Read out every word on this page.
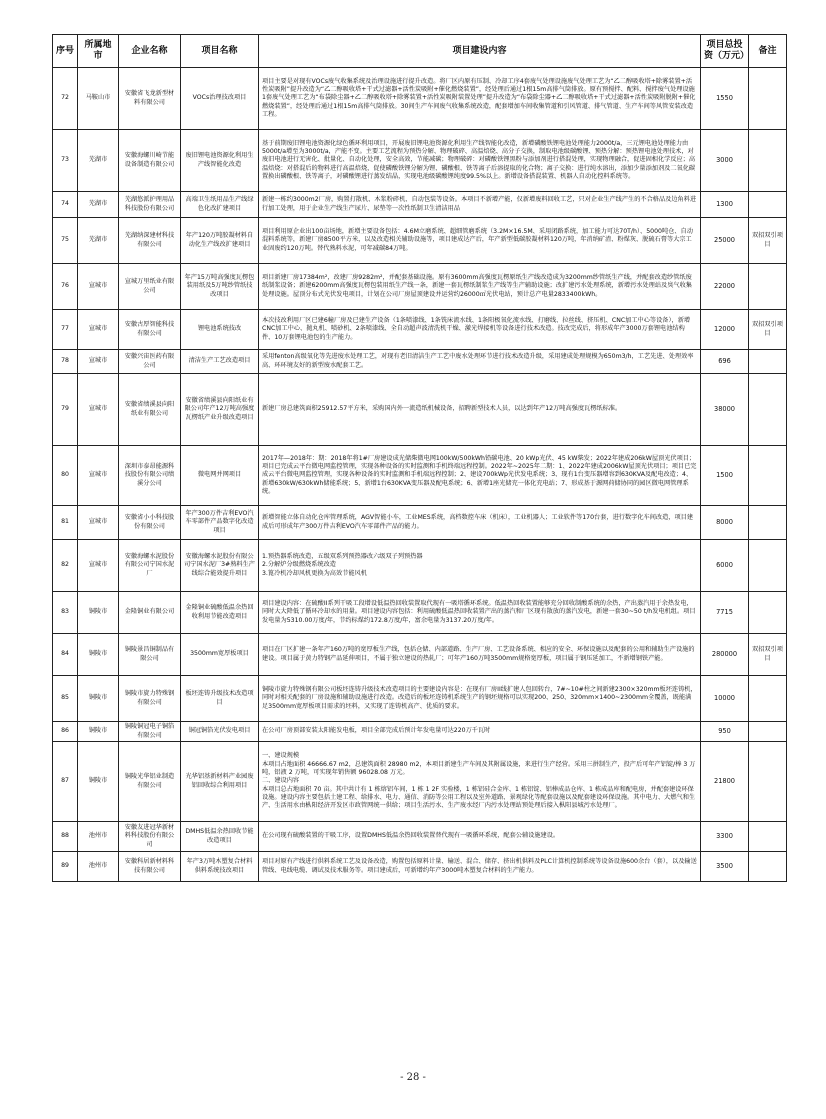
序号	所属地市	企业名称	项目名称	项目建设内容	项目总投资（万元）	备注
72	马鞍山市	安徽省飞龙新型材料有限公司	VOCs治理技改项目	项目主要是对现有VOCs废气收集系统及治理设施进行提升改造。将厂区内原有压制、冷却工序4套废气处理设施废气处理工艺为“乙二醇吸收塔+除雾装置+活性炭吸附”提升改造为“乙二醇吸收塔+干式过滤器+活性炭吸附+催化燃烧装置”，经处理后通过1根15m高排气筒排放。原有预搅拌、配料、搅拌废气处理设施1套废气处理工艺为“布袋除尘器+乙二醇吸收塔+除雾装置+活性炭吸附装置处理”提升改造为“布袋除尘器+乙二醇吸收塔+干式过滤器+活性炭吸附脱附+催化燃烧装置”，经处理后通过1根15m高排气筒排放。30间生产车间废气收集系统改造，配套增加车间收集管道和引风管道、排气管道、生产车间等风管安装改造工程。	1550	
73	芜湖市	安徽海螺川崎节能设备制造有限公司	废旧锂电池资源化利用生产线智能化改造	基于前期废旧锂电池资源化绿色循环利用项目，开展废旧锂电池资源化利用生产线智能化改造，新增磷酸铁锂电池处理能力2000t/a，三元锂电池处理能力由5000t/a增至为3000t/a，产能不变。主要工艺流程为预热分解、物理破碎、高温焙烧、高分子交换，制取电池级碳酸锂、预热分解：预热锂电池处理技术，对废旧电池进行无害化、批量化、自动化处理，安全高效，节能减碳；物理破碎：对磷酸铁锂黑粉与添加剂进行搭混处理，实现物理融合，促进固相化学反应；高温焙烧：对搭混后的物料进行高温焙烧，促使磷酸铁锂分解为锂、磷酸根、铁等离子后溶提取的化合物；离子交换：进行纯水溶出，添加少量添加剂及二氧化碳置换出磷酸根、铁等离子，对磷酸锂进行蒸发结晶，实现电池级碳酸锂纯度99.5%以上。新增设备搭混装置、机器人自动化控料系统等。	3000	
74	芜湖市	芜湖悠派护理用品科技股份有限公司	高端卫生纸用品生产线绿色化改扩建项目	新建一栋约3000m2厂房，购置打散机、木浆粉碎机、自动包装等设备。本项目不新增产能，仅新增废料回收工艺，只对企业生产线产生的不合格品及边角料进行加工处理，用于企业生产线生产尿片、尿垫等一次性纸制卫生清洁用品	1300	
75	芜湖市	芜湖纳深建材科技有限公司	年产120万吨胶凝材料自动化生产线改扩建项目	项目利用原企业出100亩场地，新增主要设备包括：4.6M立磨系统、超细管磨系统（3.2M×16.5M、采用闭路系统，加工能力可达70T/h）、5000吨仓、自动混料系统等，新建厂房8500平方米，以及改造相关辅助设施等，项目建成达产后，年产新型低碳胶凝材料120万吨，年消纳矿渣、粉煤灰、脱硫石膏等大宗工业固废约120万吨。替代熟料水泥，可年减碳84万吨。	25000	双招双引项目
76	宣城市	宣城万里纸业有限公司	年产15万吨高强度瓦楞包装用纸及5万吨纱管纸技改项目	项目新建厂房17384m²，改建厂房9282m²，并配套基础设施。原有3600mm高强度瓦楞原纸生产线改造成为3200mm纱管纸生产线，并配套改造纱管纸废纸制浆设备；新建6200mm高强度瓦楞包装用纸生产线一条，新建一套瓦楞纸制浆生产线等生产辅助设施；改扩建污水处理系统，新增污水处理站及臭气收集处理设施。屋顶分布式光伏发电项目，计划在公司厂房屋顶建设并运营约26000㎡光伏电站，预计总产电量2833400kWh。	22000	
77	宣城市	安徽古厚智能科技有限公司	锂电池系统技改	本次技改利用厂区已建6幢厂房及已建生产设备（1条喷漆线、1条铣床流水线、1条阳极氧化流水线、打磨线、拉丝线、挤压机、CNC加工中心等设备），新增CNC加工中心、抛丸机、喷砂机、2条喷漆线、全自动超声波清洗机干燥、激光焊接机等设备进行技术改造。技改完成后，将形成年产3000万套锂电池结构件、10万套锂电池包的生产能力。	12000	双招双引项目
78	宣城市	安徽兴宙医药有限公司	清洁生产工艺改造项目	采用fenton高级氧化等先进废水处理工艺，对现有老旧清洁生产工艺中废水处理环节进行技术改造升级，采用建成处理规模为650m3/h，工艺先进、处理效率高、环环境友好的新型废水配套工艺。	696	
79	宣城市	安徽省绩溪县向阳纸业有限公司	安徽省绩溪县向阳纸业有限公司年产12万吨高强度瓦楞纸产业升级改造项目	新建厂房总建筑面积25912.57平方米，采购国内外一流造纸机械设备，招聘新型技术人员，以达到年产12万吨高强度瓦楞纸标准。	38000	
80	宣城市	深圳市泰昂能源科技股份有限公司绩溪分公司	微电网并网项目	2017年—2018年：期：2018年将1#厂房建设成光储柴微电网100kW/500kWh铅碳电池、20 kWp光伏、45 kW柴发；2022年建成206kW屋顶光伏项目；项目已完成云平台微电网监控管理，实现各种设备的实时监测和手机终端远程控制。2022年~2025年二期：1、2022年建成2006kW屋顶光伏项目；项目已完成云平台微电网监控管理，实现各种设备的实时监测和手机端远程控制；2、建设700kWp光伏发电系统；3、现有1台变压器增容到630KVA及配电改造；4、新增630kW/630kWh储能系统；5、新增1台630KVA变压器及配电系统；6、新增1座光储充一体化充电站；7、形成基于源网荷储协同的园区微电网管理系统。	1500	
81	宣城市	安徽省小小科技股份有限公司	年产300万件吉利EVO汽车零部件产品数字化改造项目	新增智能立体自动化仓库管理系统，AGV智能小车，工业MES系统，高档数控车床（机床），工业机器人；工业软件等170台套，进行数字化车间改造，项目建成后可形成年产300万件吉利EVO汽车零部件产品的能力。	8000	
82	宣城市	安徽海螺水泥股份有限公司宁国水泥厂	安徽海螺水泥股份有限公司宁国水泥厂3#熟料生产线综合能效提升项目	1.预热器系统改造，五级双系列预热器改六级双子列预热器
2.分解炉分级燃烧系统改造
3.篦冷机冷却风机更换为高效节能风机	6000	
83	铜陵市	金隆铜业有限公司	金隆铜业硫酸低温余热回收利用节能改造项目	项目建设内容：在硫酸II系列干吸工段增设低温热回收装置取代现有一吸塔循环系统。低温热回收装置能够充分回收制酸系统的余热，产出蒸汽用于余热发电，同时大大降低了循环冷却水的用量。项目建设内容包括：利用硫酸低温热回收装置产出的蒸汽和厂区现有散放的蒸汽发电，新建一套30~50 t/h发电机组。项目发电量为5310.00万度/年，节约标煤约172.8万度/年，富余电量为3137.20万度/年。	7715	
84	铜陵市	铜陵景昌铜制品有限公司	3500mm宽厚板项目	项目在厂区扩建一条年产160万吨的宽厚板生产线，包括仓储、内部道路、生产厂房、工艺设备系统、相应的安全、环保设施以及配套的公用和辅助生产设施的建设。项目属于黄力特钢产品延伸项目，不属于独立建设的热轧厂；可年产160万吨3500mm规格宽厚板，项目属于钢压延加工，不新增钢铁产能。	280000	双招双引项目
85	铜陵市	铜陵市旋力特殊钢有限公司	板坯连铸升级技术改造项目	铜陵市旋力特殊钢有限公司板坯连铸升级技术改造项目的主要建设内容是：在现有厂房II线扩建人包回转台，7#~10#柱之间新建2300×320mm板坯连铸机，同时对相关配套的厂房设施和辅助设施进行改造。改造后的板坯连铸机系统生产的钢坯规格可以实现200、250、320mm×1400~2300mm全覆盖，既能满足3500mm宽厚板项目需求的坯料，又实现了连铸机高产、优质的要求。	10000	
86	铜陵市	铜陵铜冠电子铜箔有限公司	铜冠铜箔光伏发电项目	在公司厂房顶部安装太阳能发电板，项目全部完成后预计年发电量可达220万千瓦时	950	
87	铜陵市	铜陵光华铝业制造有限公司	光华铝基新材料产业园废铝回收综合利用项目	一、建设规模
本项目占地面积 46666.67 m2，总建筑面积 28980 m2，本项目新建生产车间及其附属设施，来进行生产经营。采用三拼制生产，投产后可年产铝锭/棒 3 万吨，铝液 2 万吨，可实现年销售额 96028.08 万元。
二、建设内容
本项目总占地面积 70 亩。其中共计有 1 栋熔铝车间，1 栋 1 2F 实验楼，1 栋铝硅合金库、1 栋铝锭、铝棒成品仓库、1 栋成品库和配电房，并配套建设环保设施。建设内容主要包括土建工程、给排水、电力、通信、消防等公用工程以及室外道路、景观绿化等配套设施以及配套建设环保设施。其中电力、大燃气和生产、生活用水由枞阳经济开发区市政管网统一供给；项目生活污水、生产废水经厂内污水处理站预处理后接入枞阳县城污水处理厂。	21800	
88	池州市	安徽友进冠华新材料科技股份有限公司	DMHS低温余热回收节能改造项目	在公司现有硫酸装置的干吸工序，设置DMHS低温余热回收装置替代现有一吸循环系统，配套公辅设施建设。	3300	
89	池州市	安徽科居新材料科技有限公司	年产3万吨木塑复合材料供料系统技改项目	项目对原有产线进行供料系统工艺及设备改造，购置包括原料计量、输送、混合、储存、挤出机供料及PLC计算机控制系统等设备设施600余台（套），以及输送管线、电线电缆、调试及技术服务等。项目建成后，可新增约年产3000吨木塑复合材料的生产能力。	3500	
- 28 -
